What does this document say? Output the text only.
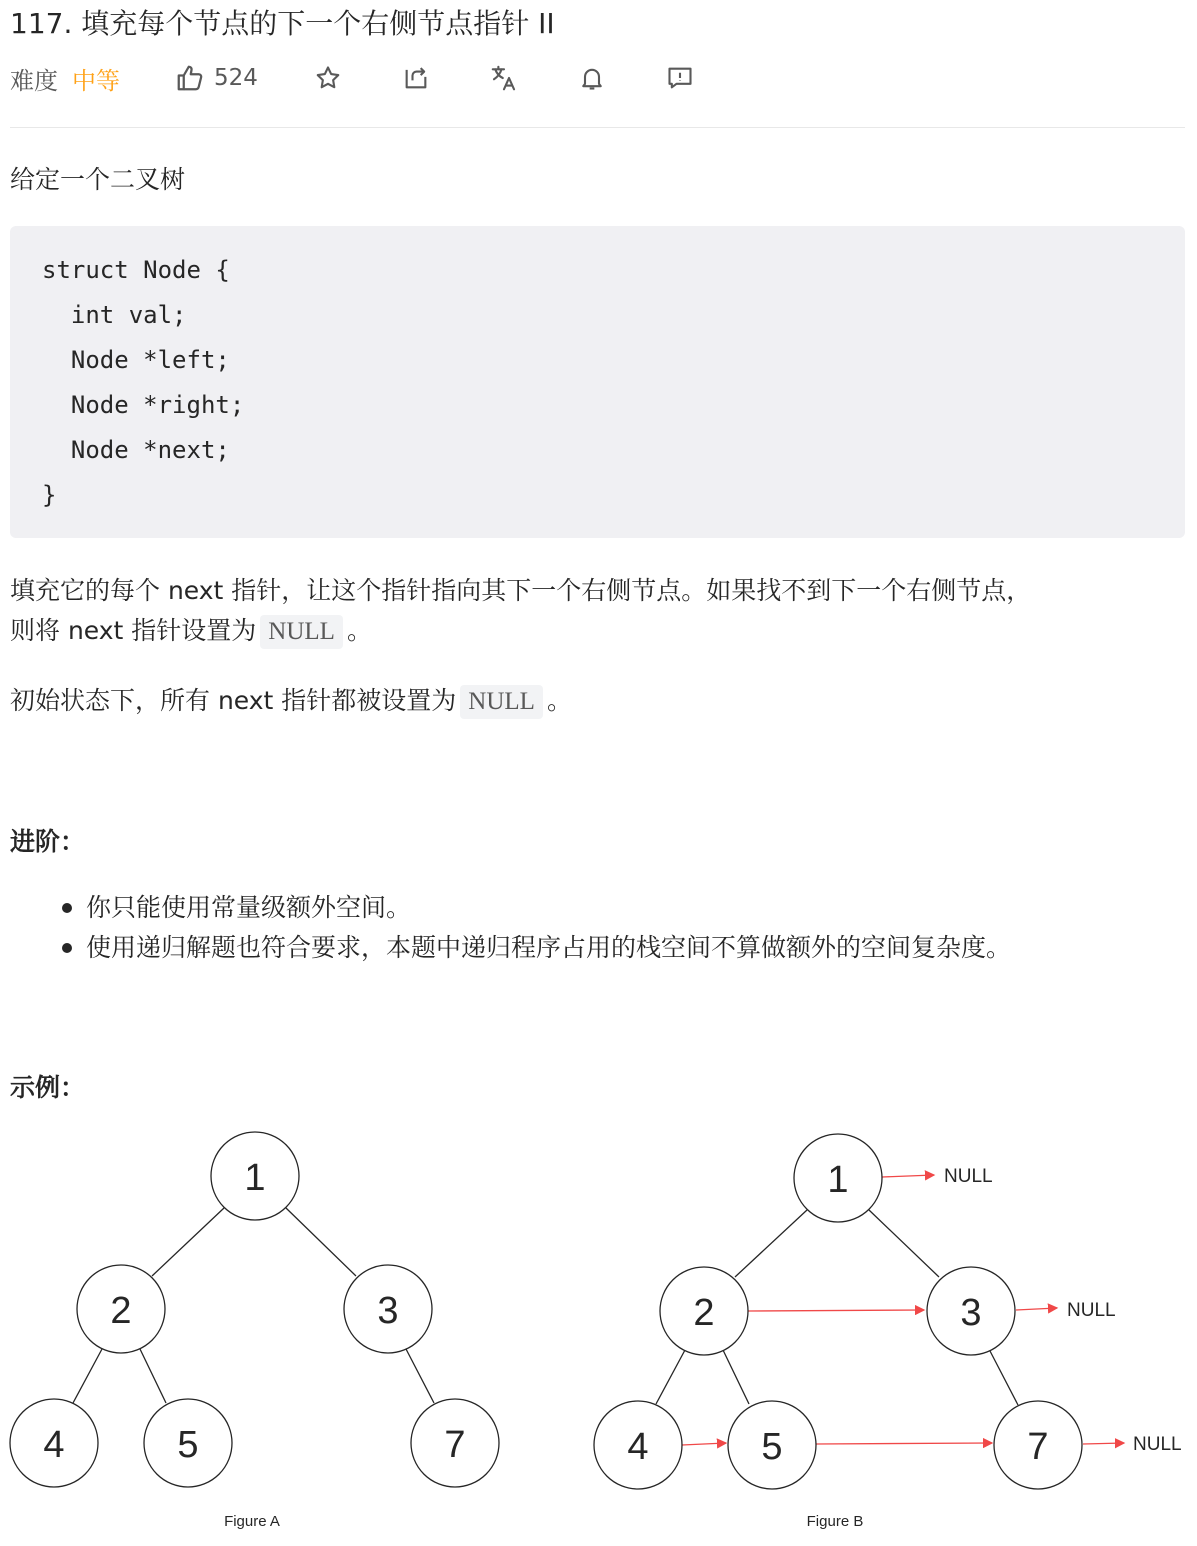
117. 填充每个节点的下一个右侧节点指针 II
难度 中等	524
给定一个二叉树
struct Node {
int val;
Node *left;
Node *right;
Node *next;
}
填充它的每个 next 指针，让这个指针指向其下一个右侧节点。如果找不到下一个右侧节点，
则将 next 指针设置为 NULL 。
初始状态下，所有 next 指针都被设置为 NULL 。
进阶：
你只能使用常量级额外空间。
使用递归解题也符合要求，本题中递归程序占用的栈空间不算做额外的空间复杂度。
示例：
1
2	3
4	5	7
Figure A
1
2	3
4	5	7
NULL
NULL
NULL
Figure B
